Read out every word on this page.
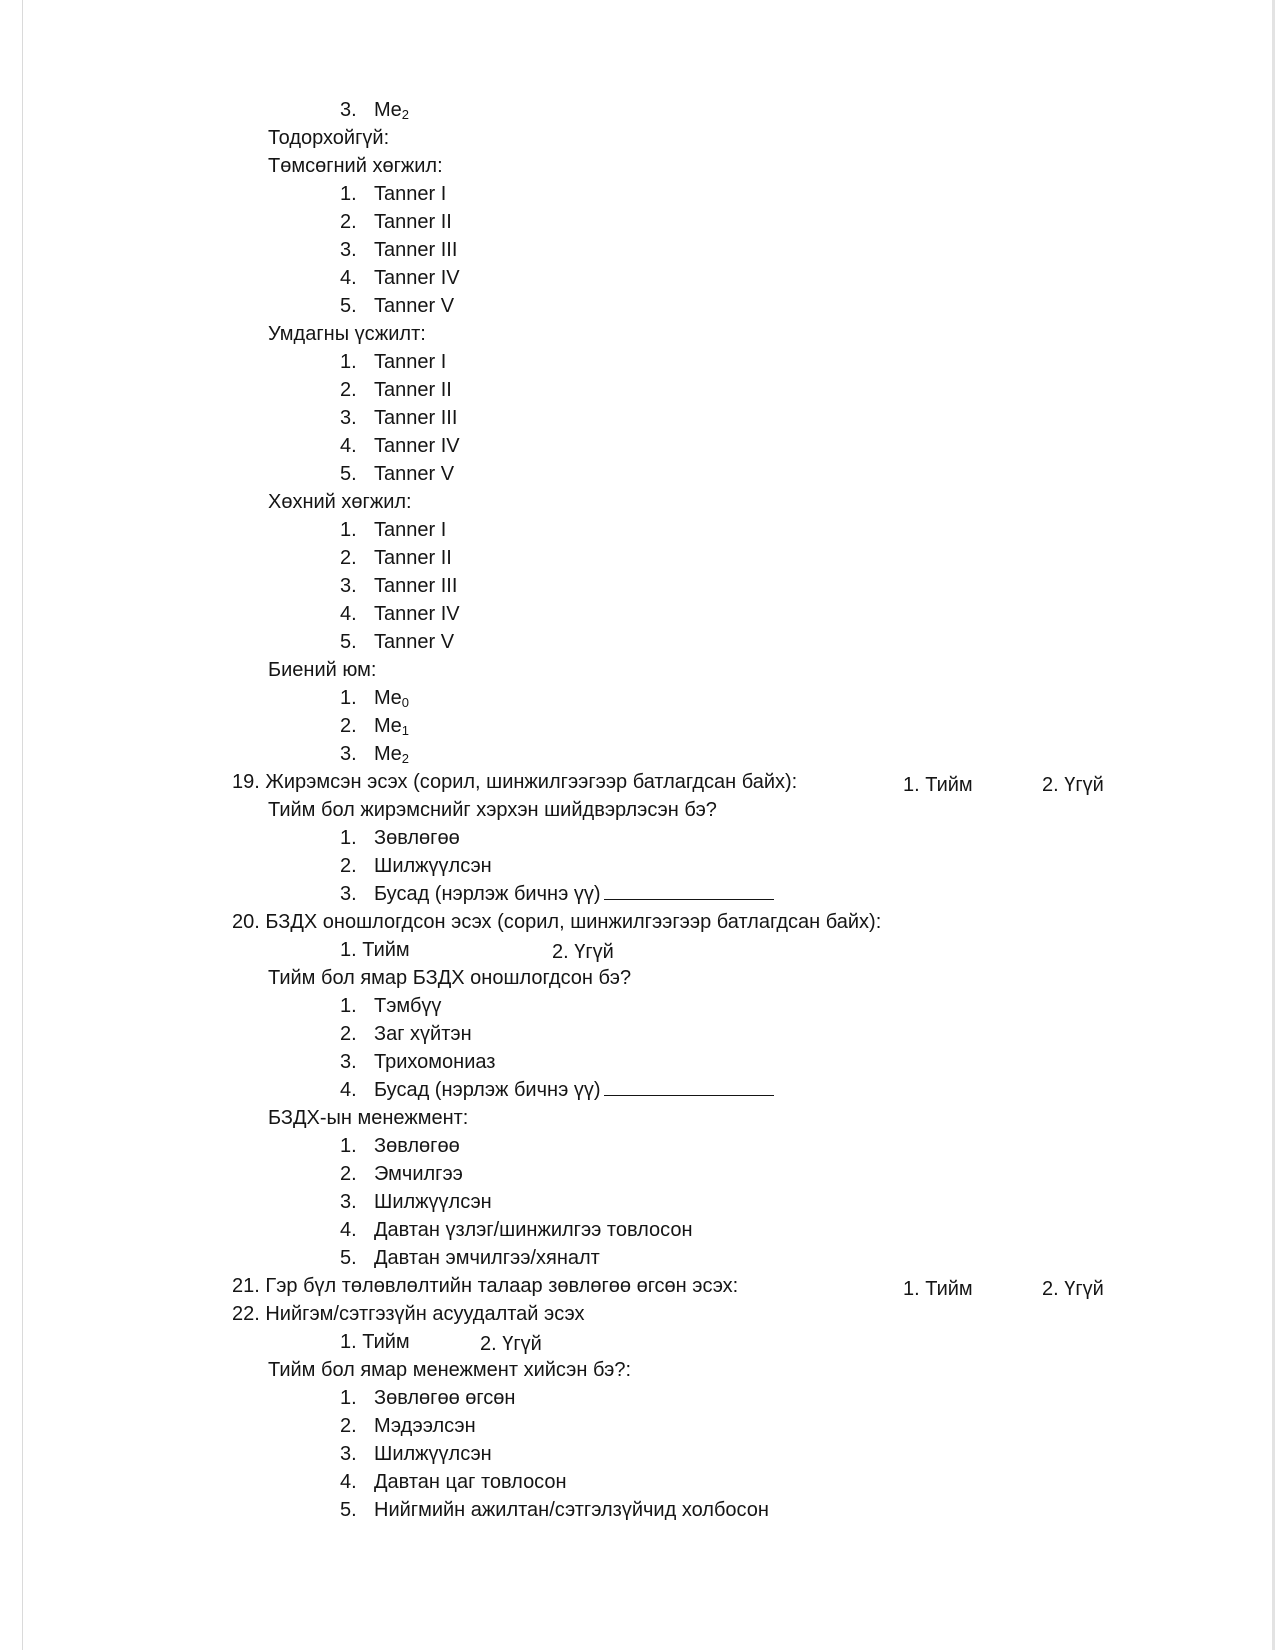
3. $Me_2$
Тодорхойгүй:
Төмсөгний хөгжил:
1. Tanner I
2. Tanner II
3. Tanner III
4. Tanner IV
5. Tanner V
Умдагны үсжилт:
1. Tanner I
2. Tanner II
3. Tanner III
4. Tanner IV
5. Tanner V
Хөхний хөгжил:
1. Tanner I
2. Tanner II
3. Tanner III
4. Tanner IV
5. Tanner V
Биений юм:
1. $Me_0$
2. $Me_1$
3. $Me_2$
19. Жирэмсэн эсэх (сорил, шинжилгээгээр батлагдсан байх):	1. Тийм	2. Үгүй
Тийм бол жирэмснийг хэрхэн шийдвэрлэсэн бэ?
1. Зөвлөгөө
2. Шилжүүлсэн
3. Бусад (нэрлэж бичнэ үү)
20. БЗДХ оношлогдсон эсэх (сорил, шинжилгээгээр батлагдсан байх):
1. Тийм	2. Үгүй
Тийм бол ямар БЗДХ оношлогдсон бэ?
1. Тэмбүү
2. Заг хүйтэн
3. Трихомониаз
4. Бусад (нэрлэж бичнэ үү)
БЗДХ-ын менежмент:
1. Зөвлөгөө
2. Эмчилгээ
3. Шилжүүлсэн
4. Давтан үзлэг/шинжилгээ товлосон
5. Давтан эмчилгээ/хяналт
21. Гэр бүл төлөвлөлтийн талаар зөвлөгөө өгсөн эсэх:	1. Тийм	2. Үгүй
22. Нийгэм/сэтгэзүйн асуудалтай эсэх
1. Тийм	2. Үгүй
Тийм бол ямар менежмент хийсэн бэ?:
1. Зөвлөгөө өгсөн
2. Мэдээлсэн
3. Шилжүүлсэн
4. Давтан цаг товлосон
5. Нийгмийн ажилтан/сэтгэлзүйчид холбосон
